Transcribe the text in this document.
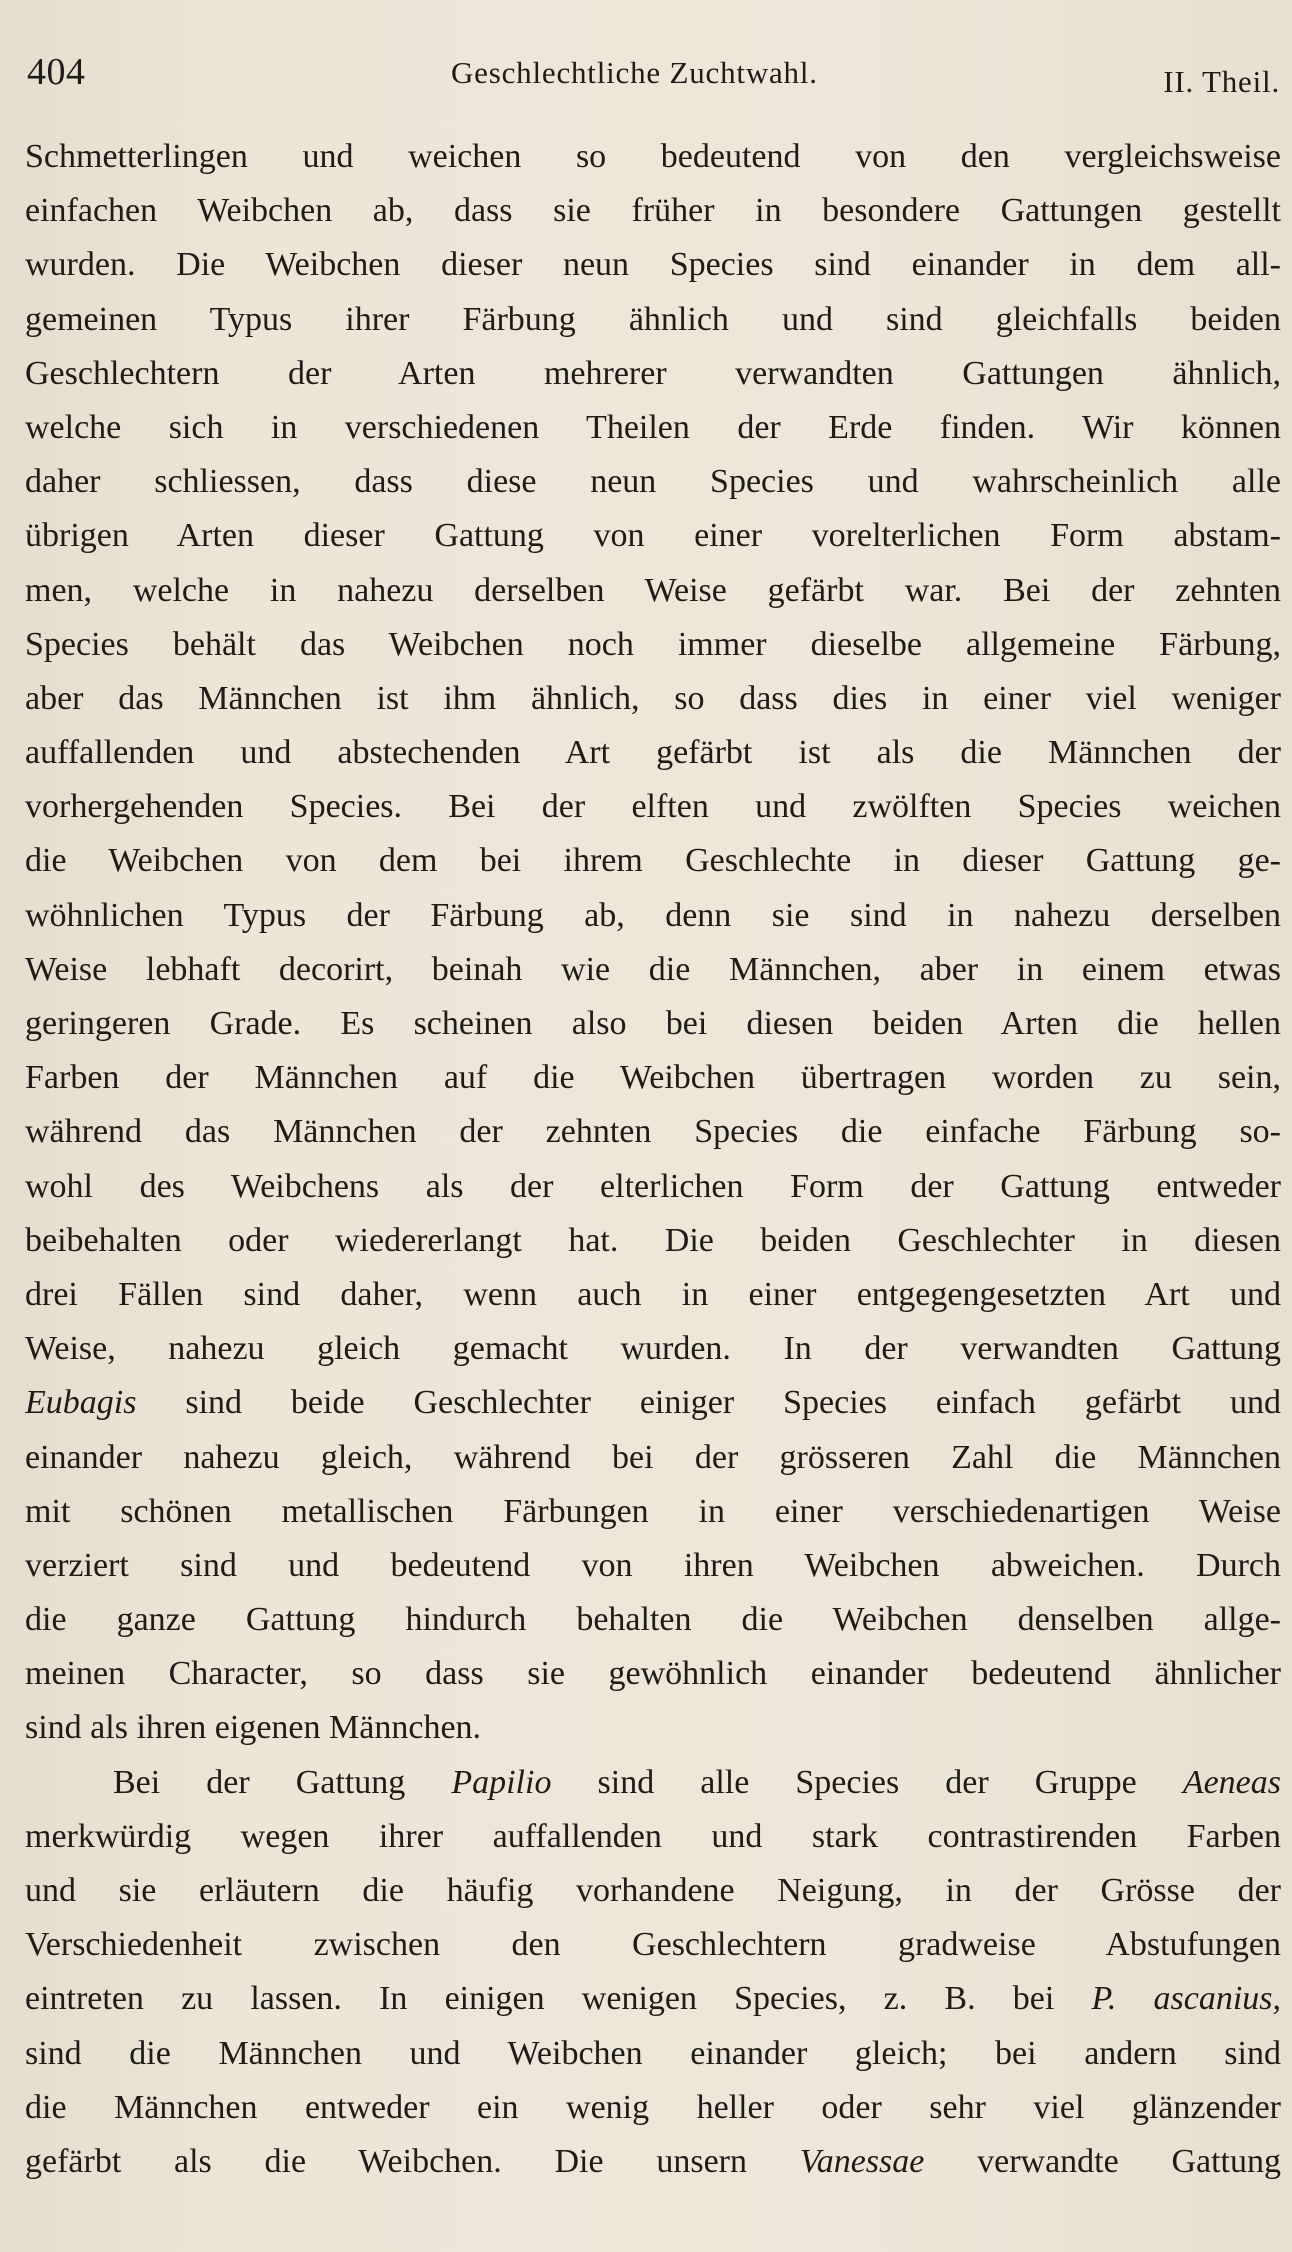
404	Geschlechtliche Zuchtwahl.	II. Theil.
Schmetterlingen und weichen so bedeutend von den vergleichsweise
einfachen Weibchen ab, dass sie früher in besondere Gattungen gestellt
wurden. Die Weibchen dieser neun Species sind einander in dem all-
gemeinen Typus ihrer Färbung ähnlich und sind gleichfalls beiden
Geschlechtern der Arten mehrerer verwandten Gattungen ähnlich,
welche sich in verschiedenen Theilen der Erde finden. Wir können
daher schliessen, dass diese neun Species und wahrscheinlich alle
übrigen Arten dieser Gattung von einer vorelterlichen Form abstam-
men, welche in nahezu derselben Weise gefärbt war. Bei der zehnten
Species behält das Weibchen noch immer dieselbe allgemeine Färbung,
aber das Männchen ist ihm ähnlich, so dass dies in einer viel weniger
auffallenden und abstechenden Art gefärbt ist als die Männchen der
vorhergehenden Species. Bei der elften und zwölften Species weichen
die Weibchen von dem bei ihrem Geschlechte in dieser Gattung ge-
wöhnlichen Typus der Färbung ab, denn sie sind in nahezu derselben
Weise lebhaft decorirt, beinah wie die Männchen, aber in einem etwas
geringeren Grade. Es scheinen also bei diesen beiden Arten die hellen
Farben der Männchen auf die Weibchen übertragen worden zu sein,
während das Männchen der zehnten Species die einfache Färbung so-
wohl des Weibchens als der elterlichen Form der Gattung entweder
beibehalten oder wiedererlangt hat. Die beiden Geschlechter in diesen
drei Fällen sind daher, wenn auch in einer entgegengesetzten Art und
Weise, nahezu gleich gemacht wurden. In der verwandten Gattung
Eubagis sind beide Geschlechter einiger Species einfach gefärbt und
einander nahezu gleich, während bei der grösseren Zahl die Männchen
mit schönen metallischen Färbungen in einer verschiedenartigen Weise
verziert sind und bedeutend von ihren Weibchen abweichen. Durch
die ganze Gattung hindurch behalten die Weibchen denselben allge-
meinen Character, so dass sie gewöhnlich einander bedeutend ähnlicher
sind als ihren eigenen Männchen.
Bei der Gattung Papilio sind alle Species der Gruppe Aeneas
merkwürdig wegen ihrer auffallenden und stark contrastirenden Farben
und sie erläutern die häufig vorhandene Neigung, in der Grösse der
Verschiedenheit zwischen den Geschlechtern gradweise Abstufungen
eintreten zu lassen. In einigen wenigen Species, z. B. bei P. ascanius,
sind die Männchen und Weibchen einander gleich; bei andern sind
die Männchen entweder ein wenig heller oder sehr viel glänzender
gefärbt als die Weibchen. Die unsern Vanessae verwandte Gattung
